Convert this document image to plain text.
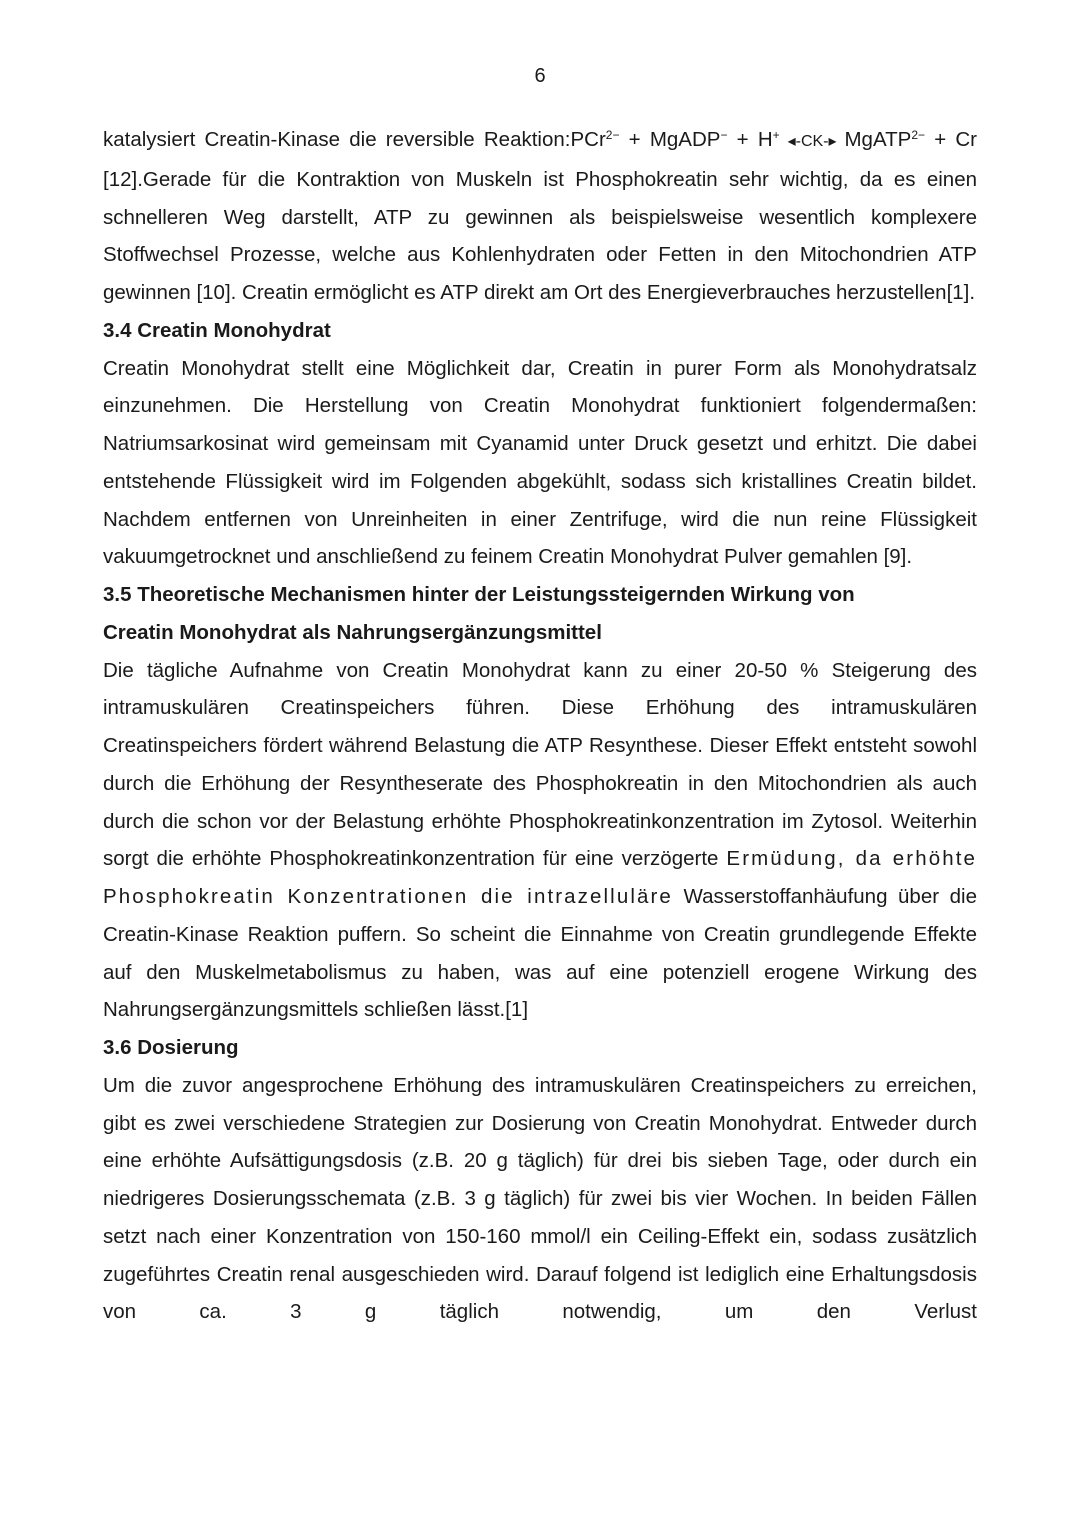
6

katalysiert Creatin-Kinase die reversible Reaktion:PCr$^{2-}$ + MgADP− + H+ ◂-CK-▸ MgATP$^{2-}$ + Cr [12].Gerade für die Kontraktion von Muskeln ist Phosphokreatin sehr wichtig, da es einen schnelleren Weg darstellt, ATP zu gewinnen als beispielsweise wesentlich komplexere Stoffwechsel Prozesse, welche aus Kohlenhydraten oder Fetten in den Mitochondrien ATP gewinnen [10]. Creatin ermöglicht es ATP direkt am Ort des Energieverbrauches herzustellen[1].

3.4 Creatin Monohydrat

Creatin Monohydrat stellt eine Möglichkeit dar, Creatin in purer Form als Monohydratsalz einzunehmen. Die Herstellung von Creatin Monohydrat funktioniert folgendermaßen: Natriumsarkosinat wird gemeinsam mit Cyanamid unter Druck gesetzt und erhitzt. Die dabei entstehende Flüssigkeit wird im Folgenden abgekühlt, sodass sich kristallines Creatin bildet. Nachdem entfernen von Unreinheiten in einer Zentrifuge, wird die nun reine Flüssigkeit vakuumgetrocknet und anschließend zu feinem Creatin Monohydrat Pulver gemahlen [9].

3.5 Theoretische Mechanismen hinter der Leistungssteigernden Wirkung von
Creatin Monohydrat als Nahrungsergänzungsmittel

Die tägliche Aufnahme von Creatin Monohydrat kann zu einer 20-50 % Steigerung des intramuskulären Creatinspeichers führen. Diese Erhöhung des intramuskulären Creatinspeichers fördert während Belastung die ATP Resynthese. Dieser Effekt entsteht sowohl durch die Erhöhung der Resyntheserate des Phosphokreatin in den Mitochondrien als auch durch die schon vor der Belastung erhöhte Phosphokreatinkonzentration im Zytosol. Weiterhin sorgt die erhöhte Phosphokreatinkonzentration für eine verzögerte Ermüdung, da erhöhte Phosphokreatin Konzentrationen die intrazelluläre Wasserstoffanhäufung über die Creatin-Kinase Reaktion puffern. So scheint die Einnahme von Creatin grundlegende Effekte auf den Muskelmetabolismus zu haben, was auf eine potenziell erogene Wirkung des Nahrungsergänzungsmittels schließen lässt.[1]

3.6 Dosierung

Um die zuvor angesprochene Erhöhung des intramuskulären Creatinspeichers zu erreichen, gibt es zwei verschiedene Strategien zur Dosierung von Creatin Monohydrat. Entweder durch eine erhöhte Aufsättigungsdosis (z.B. 20 g täglich) für drei bis sieben Tage, oder durch ein niedrigeres Dosierungsschemata (z.B. 3 g täglich) für zwei bis vier Wochen. In beiden Fällen setzt nach einer Konzentration von 150-160 mmol/l ein Ceiling-Effekt ein, sodass zusätzlich zugeführtes Creatin renal ausgeschieden wird. Darauf folgend ist lediglich eine Erhaltungsdosis von ca. 3 g täglich notwendig, um den Verlust
